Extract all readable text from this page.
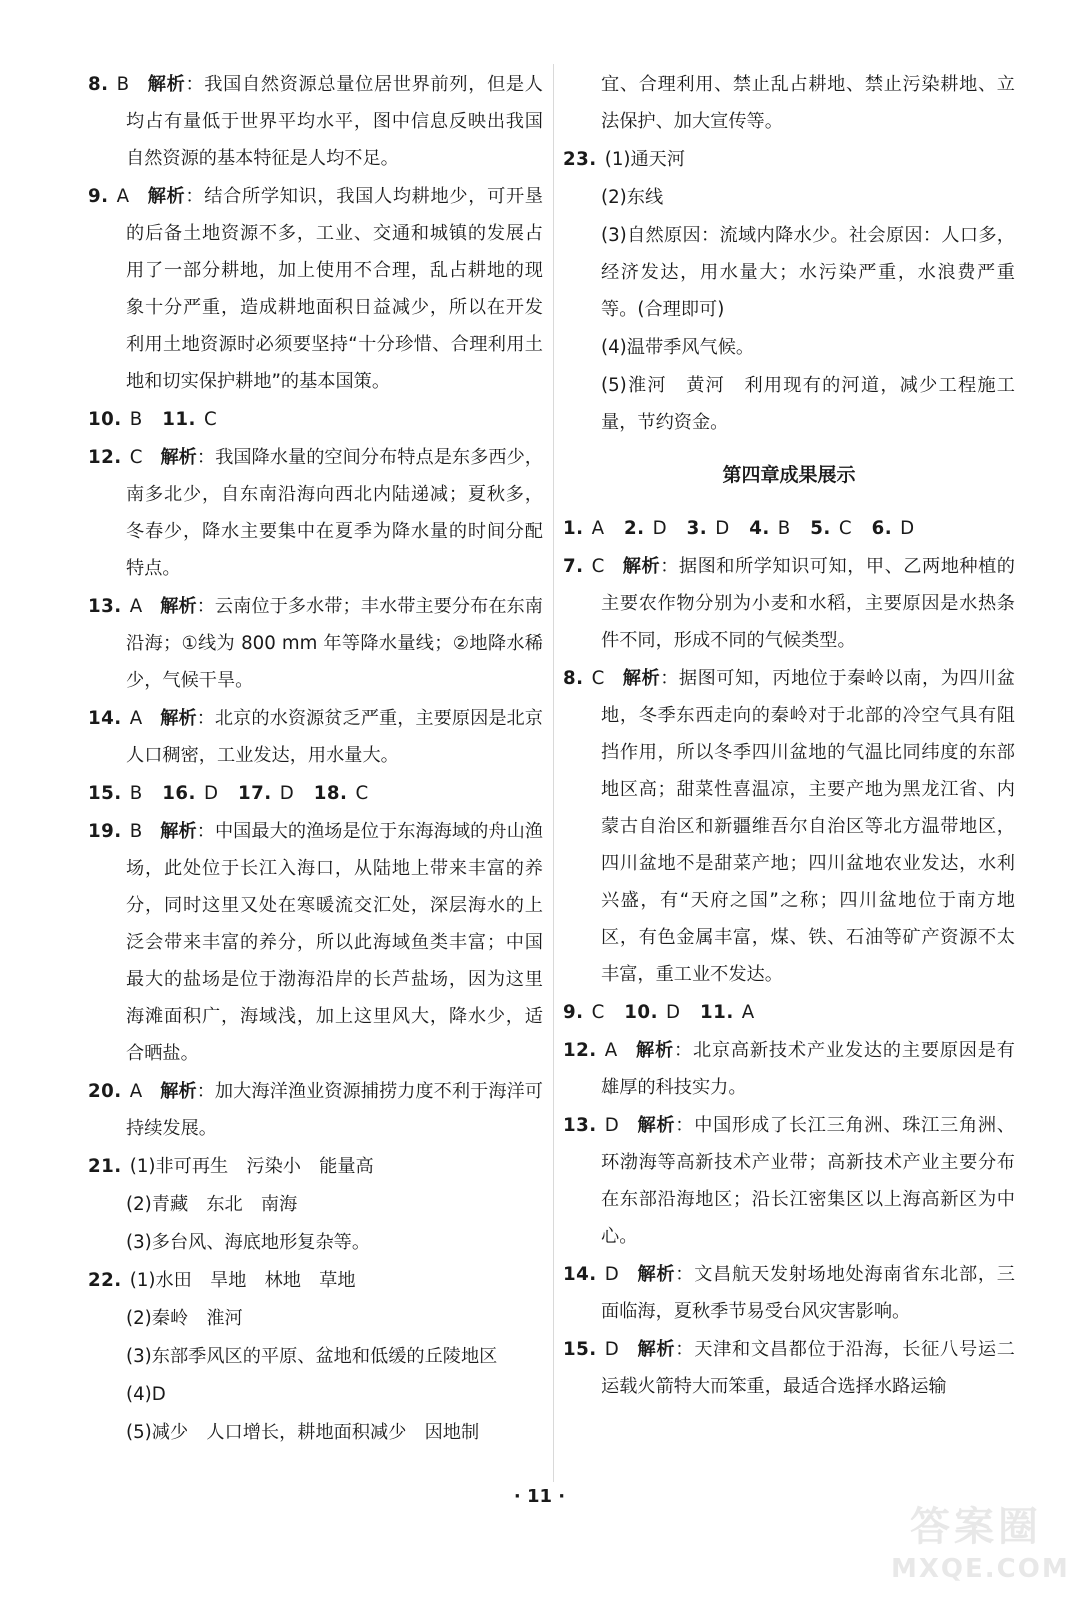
8. B 解析：我国自然资源总量位居世界前列，但是人均占有量低于世界平均水平，图中信息反映出我国自然资源的基本特征是人均不足。

9. A 解析：结合所学知识，我国人均耕地少，可开垦的后备土地资源不多，工业、交通和城镇的发展占用了一部分耕地，加上使用不合理，乱占耕地的现象十分严重，造成耕地面积日益减少，所以在开发利用土地资源时必须要坚持“十分珍惜、合理利用土地和切实保护耕地”的基本国策。

10. B 11. C

12. C 解析：我国降水量的空间分布特点是东多西少，南多北少，自东南沿海向西北内陆递减；夏秋多，冬春少，降水主要集中在夏季为降水量的时间分配特点。

13. A 解析：云南位于多水带；丰水带主要分布在东南沿海；①线为 800 mm 年等降水量线；②地降水稀少，气候干旱。

14. A 解析：北京的水资源贫乏严重，主要原因是北京人口稠密，工业发达，用水量大。

15. B 16. D 17. D 18. C

19. B 解析：中国最大的渔场是位于东海海域的舟山渔场，此处位于长江入海口，从陆地上带来丰富的养分，同时这里又处在寒暖流交汇处，深层海水的上泛会带来丰富的养分，所以此海域鱼类丰富；中国最大的盐场是位于渤海沿岸的长芦盐场，因为这里海滩面积广，海域浅，加上这里风大，降水少，适合晒盐。

20. A 解析：加大海洋渔业资源捕捞力度不利于海洋可持续发展。

21. (1)非可再生　污染小　能量高

(2)青藏　东北　南海

(3)多台风、海底地形复杂等。

22. (1)水田　旱地　林地　草地

(2)秦岭　淮河

(3)东部季风区的平原、盆地和低缓的丘陵地区

(4)D

(5)减少　人口增长，耕地面积减少　因地制

宜、合理利用、禁止乱占耕地、禁止污染耕地、立法保护、加大宣传等。

23. (1)通天河

(2)东线

(3)自然原因：流域内降水少。社会原因：人口多，经济发达，用水量大；水污染严重，水浪费严重等。(合理即可)

(4)温带季风气候。

(5)淮河　黄河　利用现有的河道，减少工程施工量，节约资金。

第四章成果展示

1. A 2. D 3. D 4. B 5. C 6. D

7. C 解析：据图和所学知识可知，甲、乙两地种植的主要农作物分别为小麦和水稻，主要原因是水热条件不同，形成不同的气候类型。

8. C 解析：据图可知，丙地位于秦岭以南，为四川盆地，冬季东西走向的秦岭对于北部的冷空气具有阻挡作用，所以冬季四川盆地的气温比同纬度的东部地区高；甜菜性喜温凉，主要产地为黑龙江省、内蒙古自治区和新疆维吾尔自治区等北方温带地区，四川盆地不是甜菜产地；四川盆地农业发达，水利兴盛，有“天府之国”之称；四川盆地位于南方地区，有色金属丰富，煤、铁、石油等矿产资源不太丰富，重工业不发达。

9. C 10. D 11. A

12. A 解析：北京高新技术产业发达的主要原因是有雄厚的科技实力。

13. D 解析：中国形成了长江三角洲、珠江三角洲、环渤海等高新技术产业带；高新技术产业主要分布在东部沿海地区；沿长江密集区以上海高新区为中心。

14. D 解析：文昌航天发射场地处海南省东北部，三面临海，夏秋季节易受台风灾害影响。

15. D 解析：天津和文昌都位于沿海，长征八号运二运载火箭特大而笨重，最适合选择水路运输

· 11 ·
答案圈
MXQE.COM
